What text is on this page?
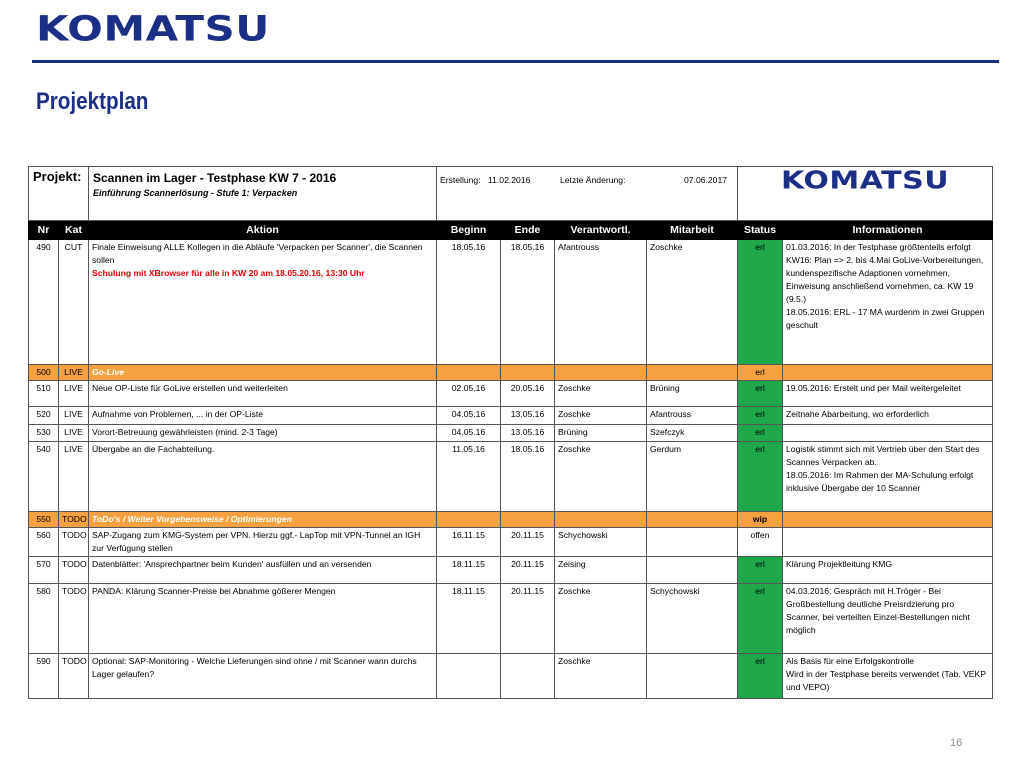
KOMATSU
Projektplan
Projekt:		Scannen im Lager - Testphase KW 7 - 2016
Einführung Scannerlösung - Stufe 1: Verpacken	Erstellung: 11.02.2016 Letzte Änderung: 07.06.2017				KOMATSU	
Nr	Kat	Aktion	Beginn	Ende	Verantwortl.	Mitarbeit	Status	Informationen
490	CUT	Finale Einweisung ALLE Kollegen in die Abläufe 'Verpacken per Scanner', die Scannen sollen
Schulung mit XBrowser für alle in KW 20 am 18.05.20.16, 13:30 Uhr	18.05.16	18.05.16	Afantrouss	Zoschke	erl	01.03.2016: In der Testphase größtenteils erfolgt
KW16: Plan => 2. bis 4.Mai GoLive-Vorbereitungen, kundenspezifische Adaptionen vornehmen, Einweisung anschließend vornehmen, ca. KW 19 (9.5.)
18.05.2016: ERL - 17 MA wurdenm in zwei Gruppen geschult
500	LIVE	Go-Live					erl	
510	LIVE	Neue OP-Liste für GoLive erstellen und weiterleiten	02.05.16	20.05.16	Zoschke	Brüning	erl	19.05.2016: Erstelt und per Mail weitergeleitet
520	LIVE	Aufnahme von Problemen, ... in der OP-Liste	04.05.16	13.05.16	Zoschke	Afantrouss	erl	Zeitnahe Abarbeitung, wo erforderlich
530	LIVE	Vorort-Betreuung gewährleisten (mind. 2-3 Tage)	04.05.16	13.05.16	Brüning	Szefczyk	erl	
540	LIVE	Übergabe an die Fachabteilung.	11.05.16	18.05.16	Zoschke	Gerdum	erl	Logistik stimmt sich mit Vertrieb über den Start des Scannes Verpacken ab.
18.05.2016: Im Rahmen der MA-Schulung erfolgt inklusive Übergabe der 10 Scanner
550	TODO	ToDo's / Weiter Vorgehensweise / Optimierungen					wip	
560	TODO	SAP-Zugang zum KMG-System per VPN. Hierzu ggf.- LapTop mit VPN-Tunnel an IGH zur Verfügung stellen	16.11.15	20.11.15	Schychowski		offen	
570	TODO	Datenblätter: 'Ansprechpartner beim Kunden' ausfüllen und an versenden	18.11.15	20.11.15	Zeising		erl	Klärung Projektleitung KMG
580	TODO	PANDA: Klärung Scanner-Preise bei Abnahme gößerer Mengen	18.11.15	20.11.15	Zoschke	Schychowski	erl	04.03.2016: Gespräch mit H.Tröger - Bei Großbestellung deutliche Preisrdzierung pro Scanner, bei verteilten Einzel-Bestellungen nicht möglich
590	TODO	Optional: SAP-Monitoring - Welche Lieferungen sind ohne / mit Scanner wann durchs Lager gelaufen?			Zoschke		erl	Als Basis für eine Erfolgskontrolle
Wird in der Testphase bereits verwendet (Tab. VEKP und VEPO)
16
